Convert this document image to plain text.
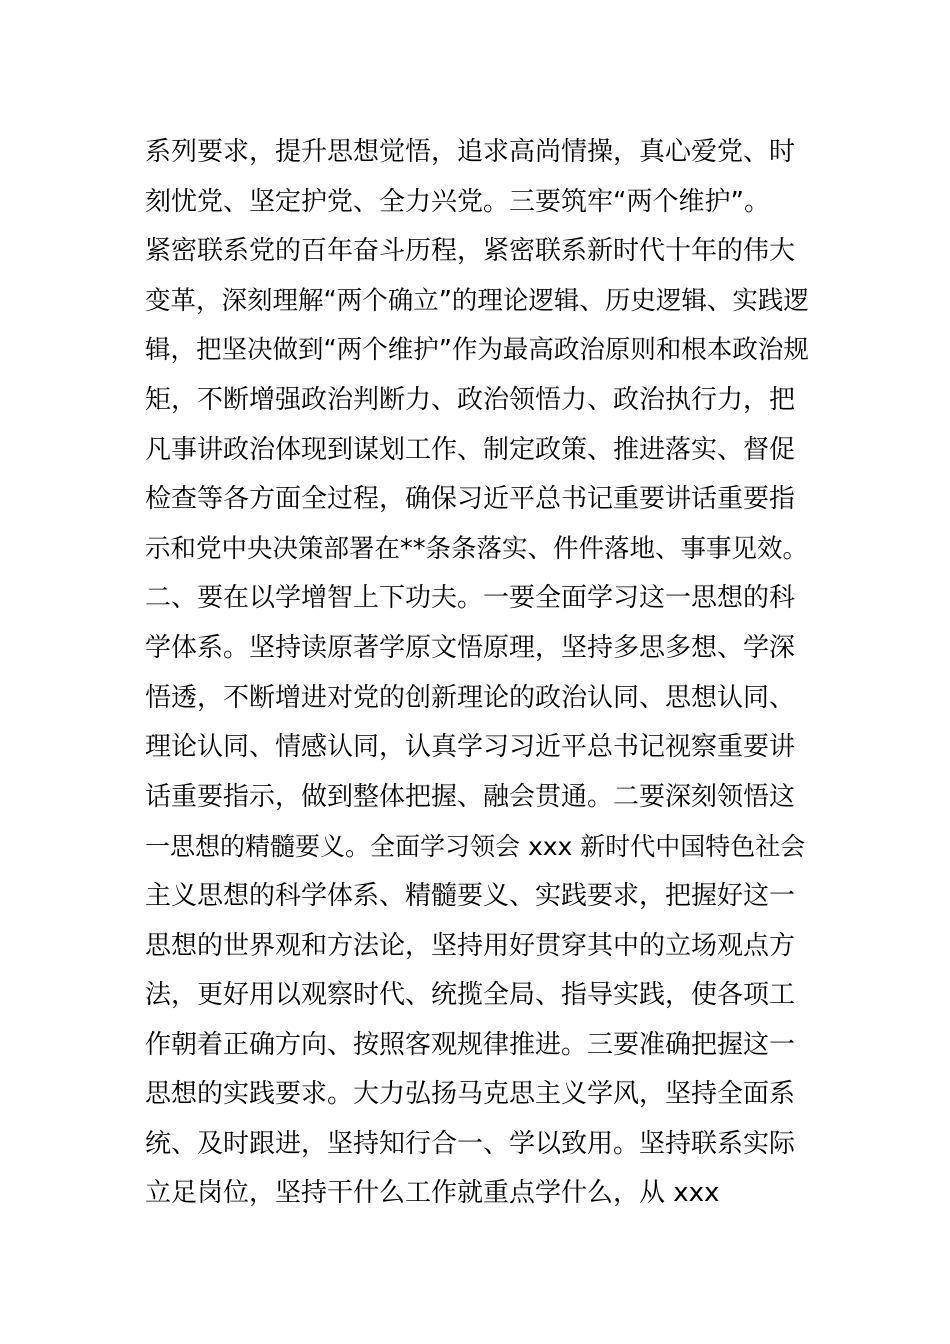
系列要求，提升思想觉悟，追求高尚情操，真心爱党、时
刻忧党、坚定护党、全力兴党。三要筑牢“两个维护”。
紧密联系党的百年奋斗历程，紧密联系新时代十年的伟大
变革，深刻理解“两个确立”的理论逻辑、历史逻辑、实践逻
辑，把坚决做到“两个维护”作为最高政治原则和根本政治规
矩，不断增强政治判断力、政治领悟力、政治执行力，把
凡事讲政治体现到谋划工作、制定政策、推进落实、督促
检查等各方面全过程，确保习近平总书记重要讲话重要指
示和党中央决策部署在**条条落实、件件落地、事事见效。
二、要在以学增智上下功夫。一要全面学习这一思想的科
学体系。坚持读原著学原文悟原理，坚持多思多想、学深
悟透，不断增进对党的创新理论的政治认同、思想认同、
理论认同、情感认同，认真学习习近平总书记视察重要讲
话重要指示，做到整体把握、融会贯通。二要深刻领悟这
一思想的精髓要义。全面学习领会 xxx 新时代中国特色社会
主义思想的科学体系、精髓要义、实践要求，把握好这一
思想的世界观和方法论，坚持用好贯穿其中的立场观点方
法，更好用以观察时代、统揽全局、指导实践，使各项工
作朝着正确方向、按照客观规律推进。三要准确把握这一
思想的实践要求。大力弘扬马克思主义学风，坚持全面系
统、及时跟进，坚持知行合一、学以致用。坚持联系实际
立足岗位，坚持干什么工作就重点学什么，从 xxx
